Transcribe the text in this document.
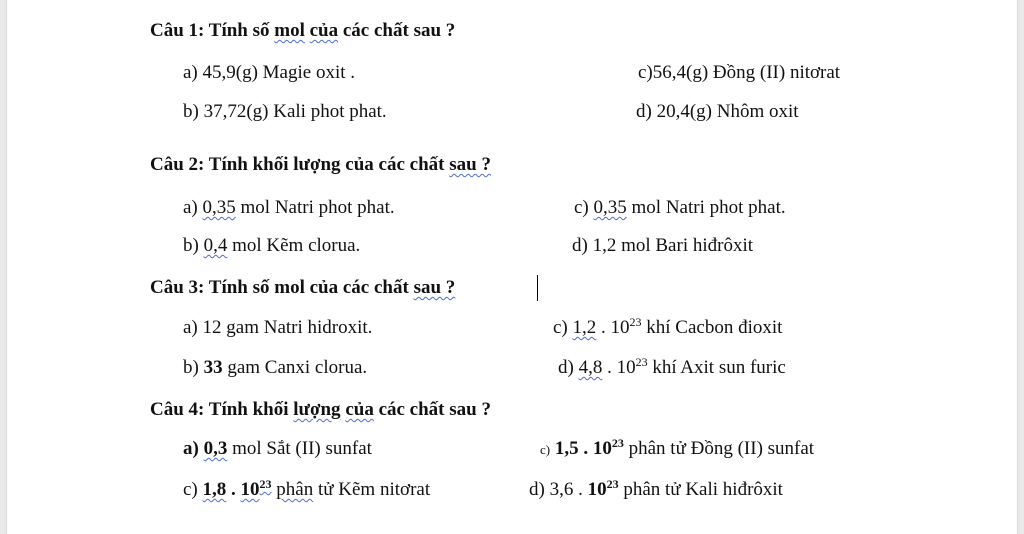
Câu 1: Tính số mol của các chất sau ?
a) 45,9(g) Magie oxit .
b) 37,72(g) Kali phot phat.
c)56,4(g) Đồng (II) nitơrat
d) 20,4(g) Nhôm oxit
Câu 2: Tính khối lượng của các chất sau ?
a) 0,35 mol Natri phot phat.
b) 0,4 mol Kẽm clorua.
c) 0,35 mol Natri phot phat.
d) 1,2 mol Bari hiđrôxit
Câu 3: Tính số mol của các chất sau ?
a) 12 gam Natri hidroxit.
b) 33 gam Canxi clorua.
c) 1,2 . $10^{23}$ khí Cacbon đioxit
d) 4,8 . $10^{23}$ khí Axit sun furic
Câu 4: Tính khối lượng của các chất sau ?
a) 0,3 mol Sắt (II) sunfat	c) 1,5 . $10^{23}$ phân tử Đồng (II) sunfat
c) 1,8 . $10^{23}$ phân tử Kẽm nitơrat	d) 3,6 . $10^{23}$ phân tử Kali hiđrôxit
